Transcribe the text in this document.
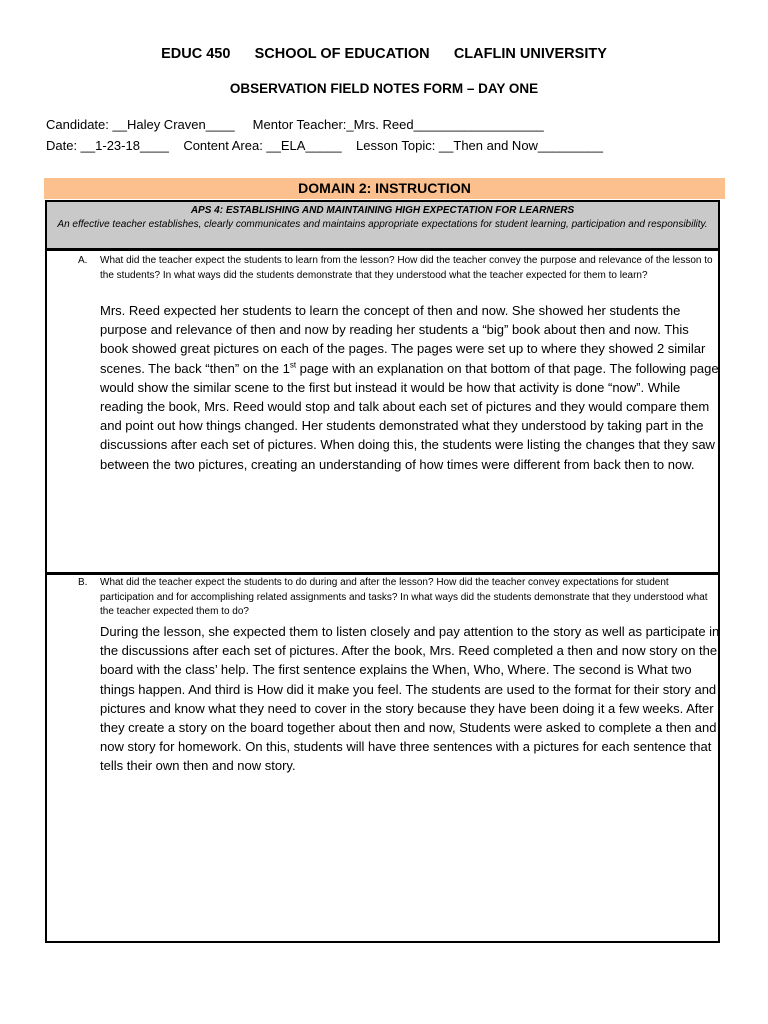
EDUC 450 SCHOOL OF EDUCATION CLAFLIN UNIVERSITY
OBSERVATION FIELD NOTES FORM – DAY ONE
Candidate: __Haley Craven____     Mentor Teacher:_Mrs. Reed__________________
Date: __1-23-18____    Content Area: __ELA_____    Lesson Topic: __Then and Now_________
DOMAIN 2: INSTRUCTION
APS 4: ESTABLISHING AND MAINTAINING HIGH EXPECTATION FOR LEARNERS
An effective teacher establishes, clearly communicates and maintains appropriate expectations for student learning, participation and responsibility.
A. What did the teacher expect the students to learn from the lesson? How did the teacher convey the purpose and relevance of the lesson to the students? In what ways did the students demonstrate that they understood what the teacher expected for them to learn?
Mrs. Reed expected her students to learn the concept of then and now. She showed her students the purpose and relevance of then and now by reading her students a “big” book about then and now. This book showed great pictures on each of the pages. The pages were set up to where they showed 2 similar scenes. The back “then” on the 1st page with an explanation on that bottom of that page. The following page would show the similar scene to the first but instead it would be how that activity is done “now”. While reading the book, Mrs. Reed would stop and talk about each set of pictures and they would compare them and point out how things changed. Her students demonstrated what they understood by taking part in the discussions after each set of pictures. When doing this, the students were listing the changes that they saw between the two pictures, creating an understanding of how times were different from back then to now.
B. What did the teacher expect the students to do during and after the lesson? How did the teacher convey expectations for student participation and for accomplishing related assignments and tasks? In what ways did the students demonstrate that they understood what the teacher expected them to do?
During the lesson, she expected them to listen closely and pay attention to the story as well as participate in the discussions after each set of pictures. After the book, Mrs. Reed completed a then and now story on the board with the class’ help. The first sentence explains the When, Who, Where. The second is What two things happen. And third is How did it make you feel. The students are used to the format for their story and pictures and know what they need to cover in the story because they have been doing it a few weeks. After they create a story on the board together about then and now, Students were asked to complete a then and now story for homework. On this, students will have three sentences with a pictures for each sentence that tells their own then and now story.
